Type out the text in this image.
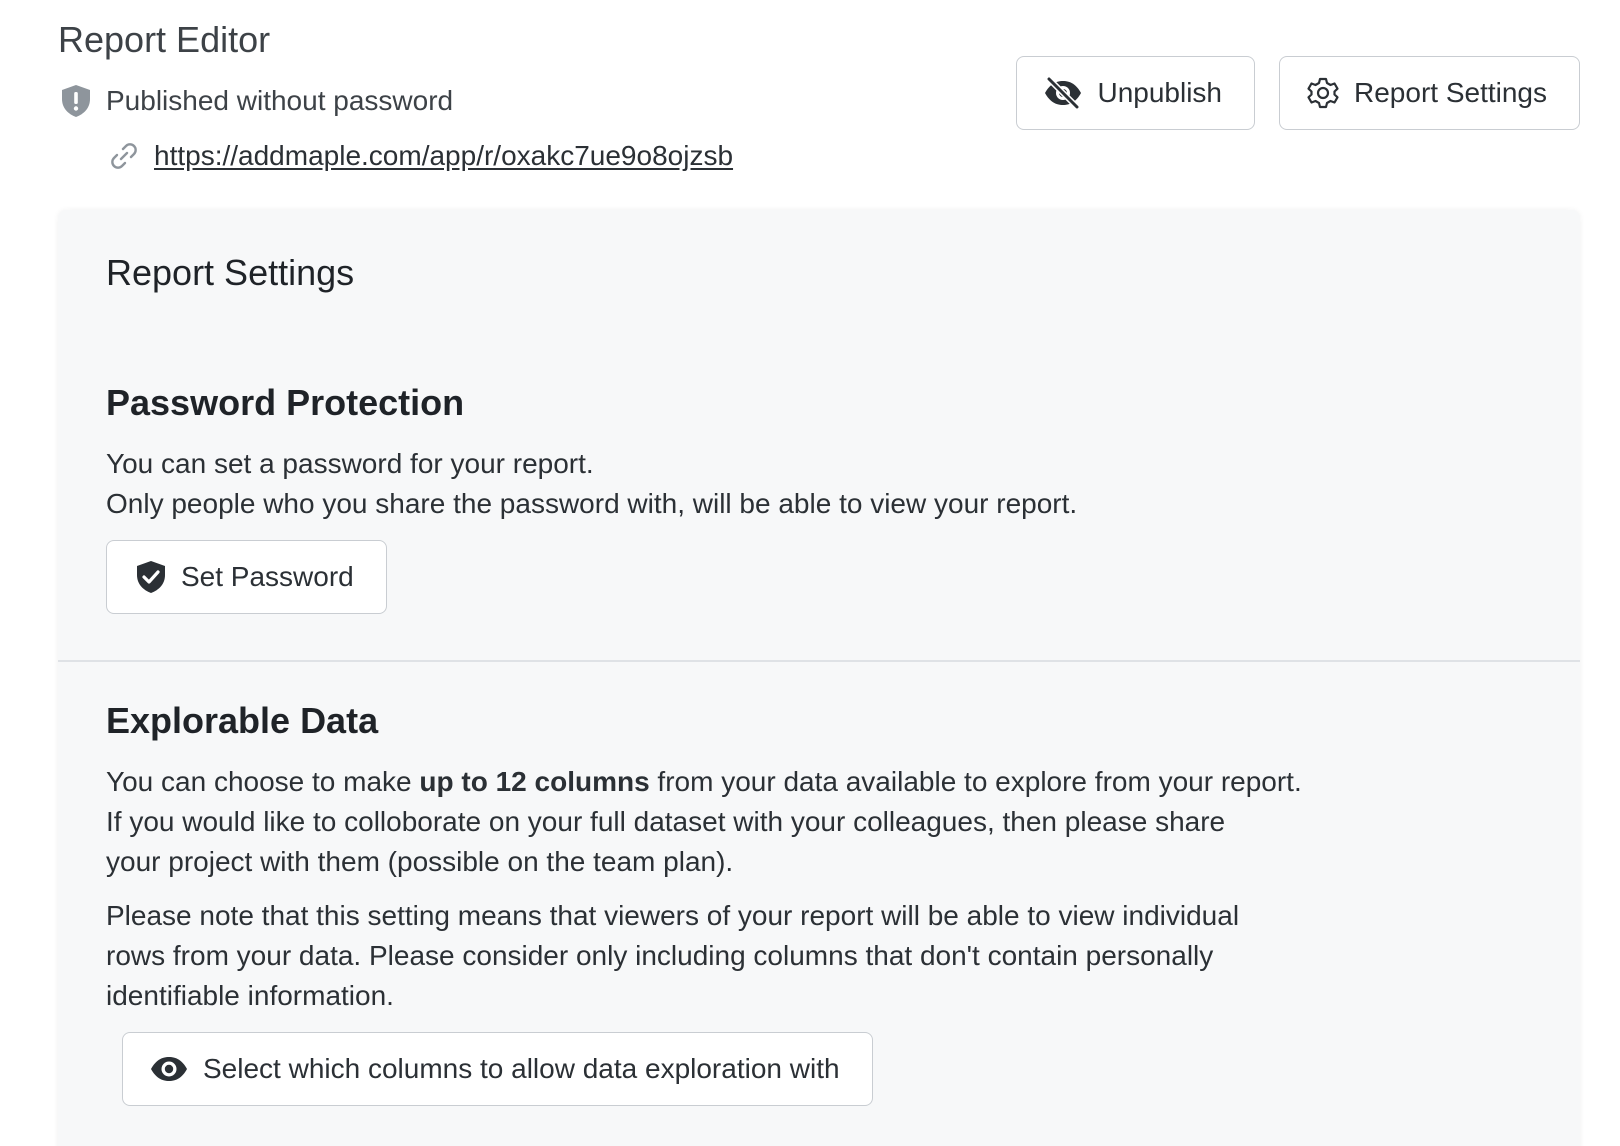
Report Editor
Published without password
https://addmaple.com/app/r/oxakc7ue9o8ojzsb
Unpublish	Report Settings
Report Settings
Password Protection
You can set a password for your report.
Only people who you share the password with, will be able to view your report.
Set Password
Explorable Data
You can choose to make up to 12 columns from your data available to explore from your report.
If you would like to colloborate on your full dataset with your colleagues, then please share
your project with them (possible on the team plan).
Please note that this setting means that viewers of your report will be able to view individual
rows from your data. Please consider only including columns that don't contain personally
identifiable information.
Select which columns to allow data exploration with
